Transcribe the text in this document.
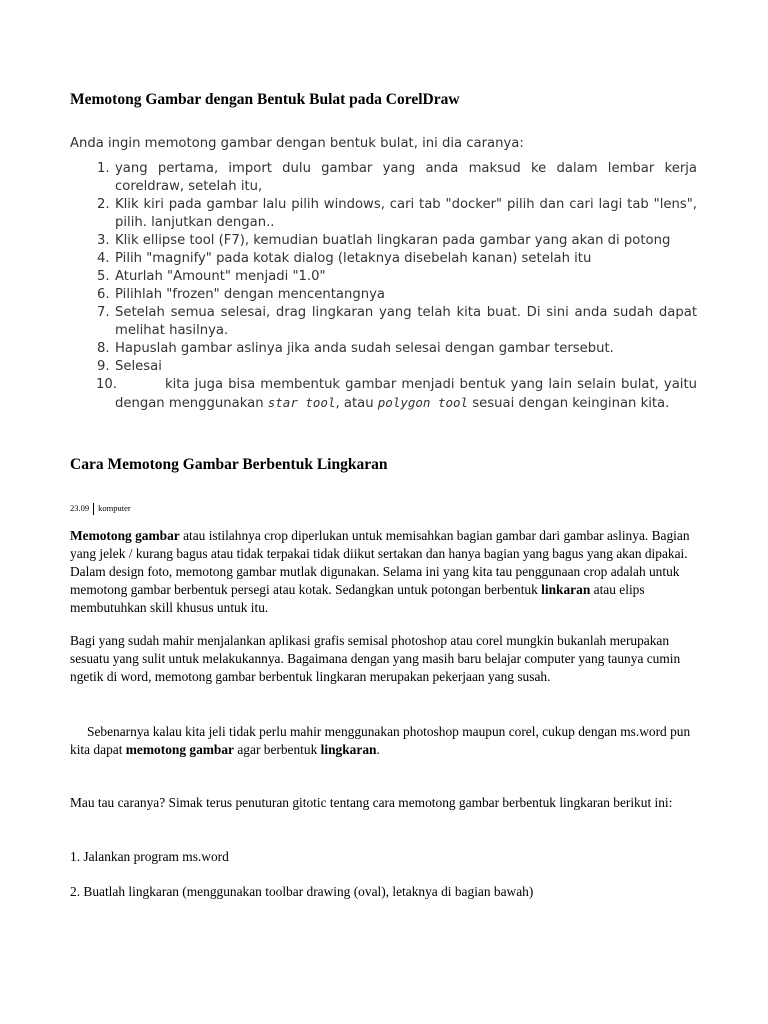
Memotong Gambar dengan Bentuk Bulat pada CorelDraw
Anda ingin memotong gambar dengan bentuk bulat, ini dia caranya:
1. yang pertama, import dulu gambar yang anda maksud ke dalam lembar kerja coreldraw, setelah itu,
2. Klik kiri pada gambar lalu pilih windows, cari tab "docker" pilih dan cari lagi tab "lens", pilih. lanjutkan dengan..
3. Klik ellipse tool (F7), kemudian buatlah lingkaran pada gambar yang akan di potong
4. Pilih "magnify" pada kotak dialog (letaknya disebelah kanan) setelah itu
5. Aturlah "Amount" menjadi "1.0"
6. Pilihlah "frozen" dengan mencentangnya
7. Setelah semua selesai, drag lingkaran yang telah kita buat. Di sini anda sudah dapat melihat hasilnya.
8. Hapuslah gambar aslinya jika anda sudah selesai dengan gambar tersebut.
9. Selesai
10.	kita juga bisa membentuk gambar menjadi bentuk yang lain selain bulat, yaitu dengan menggunakan star tool, atau polygon tool sesuai dengan keinginan kita.
Cara Memotong Gambar Berbentuk Lingkaran
23.09 komputer

Memotong gambar atau istilahnya crop diperlukan untuk memisahkan bagian gambar dari gambar aslinya. Bagian yang jelek / kurang bagus atau tidak terpakai tidak diikut sertakan dan hanya bagian yang bagus yang akan dipakai. Dalam design foto, memotong gambar mutlak digunakan. Selama ini yang kita tau penggunaan crop adalah untuk memotong gambar berbentuk persegi atau kotak. Sedangkan untuk potongan berbentuk linkaran atau elips membutuhkan skill khusus untuk itu.

Bagi yang sudah mahir menjalankan aplikasi grafis semisal photoshop atau corel mungkin bukanlah merupakan sesuatu yang sulit untuk melakukannya. Bagaimana dengan yang masih baru belajar computer yang taunya cumin ngetik di word, memotong gambar berbentuk lingkaran merupakan pekerjaan yang susah.

Sebenarnya kalau kita jeli tidak perlu mahir menggunakan photoshop maupun corel, cukup dengan ms.word pun kita dapat memotong gambar agar berbentuk lingkaran.

Mau tau caranya? Simak terus penuturan gitotic tentang cara memotong gambar berbentuk lingkaran berikut ini:

1. Jalankan program ms.word

2. Buatlah lingkaran (menggunakan toolbar drawing (oval), letaknya di bagian bawah)
